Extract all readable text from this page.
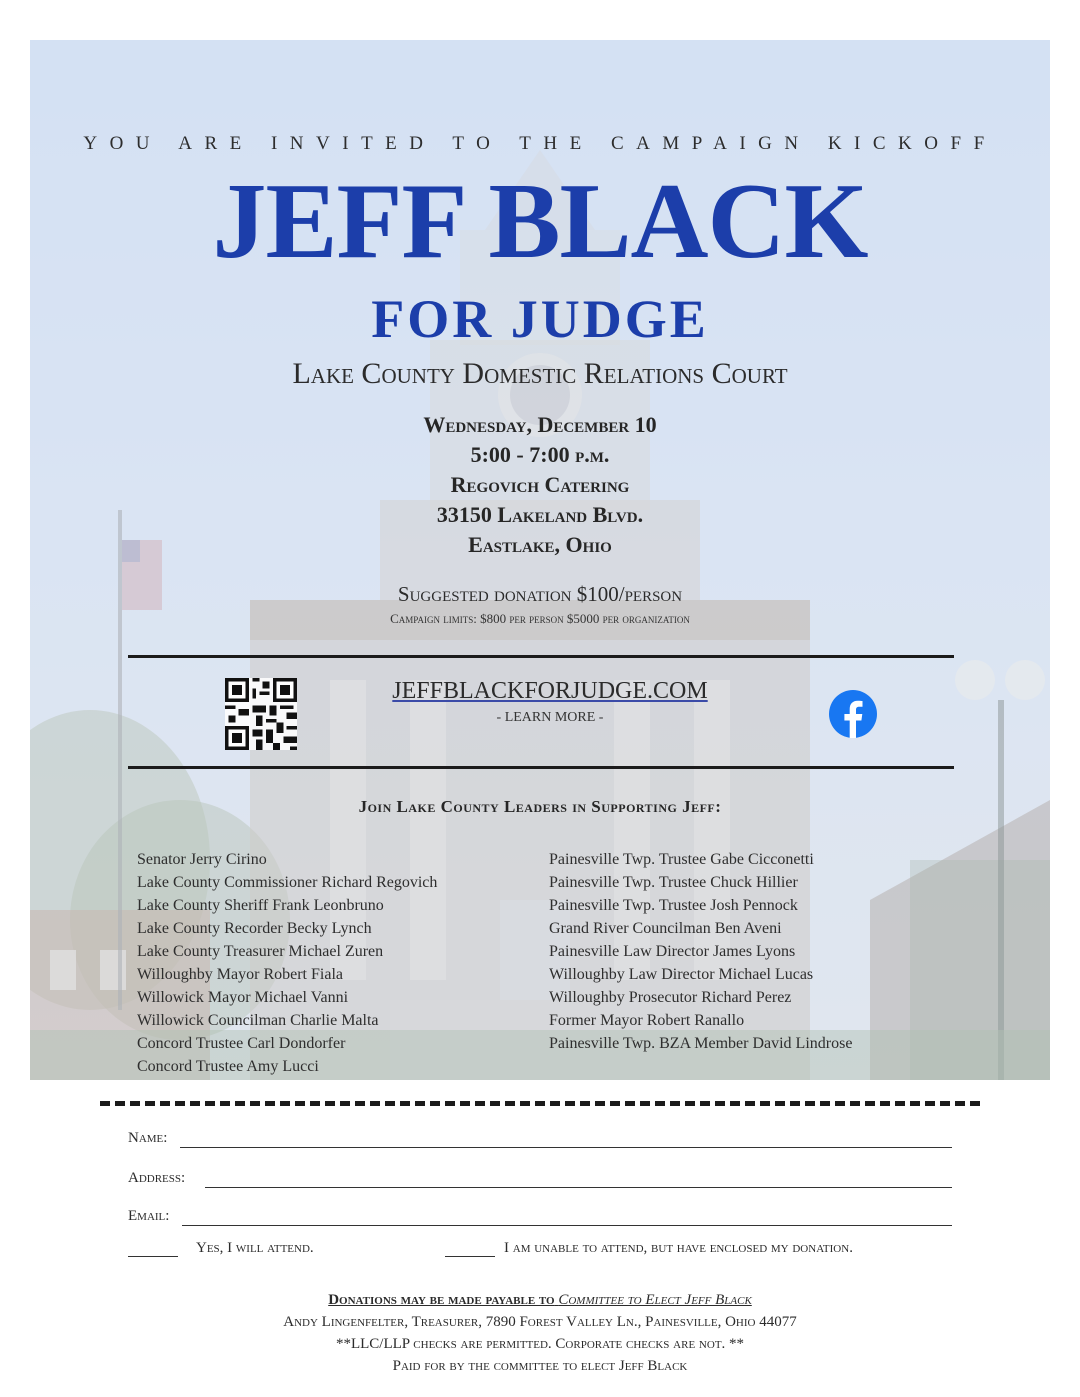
YOU ARE INVITED TO THE CAMPAIGN KICKOFF
JEFF BLACK
FOR JUDGE
Lake County Domestic Relations Court
Wednesday, December 10
5:00 - 7:00 p.m.
Regovich Catering
33150 Lakeland Blvd.
Eastlake, Ohio
Suggested donation $100/person
Campaign limits: $800 per person $5000 per organization
JEFFBLACKFORJUDGE.COM
- LEARN MORE -
Join Lake County Leaders in Supporting Jeff:
Senator Jerry Cirino
Lake County Commissioner Richard Regovich
Lake County Sheriff Frank Leonbruno
Lake County Recorder Becky Lynch
Lake County Treasurer Michael Zuren
Willoughby Mayor Robert Fiala
Willowick Mayor Michael Vanni
Willowick Councilman Charlie Malta
Concord Trustee Carl Dondorfer
Concord Trustee Amy Lucci
Painesville Twp. Trustee Gabe Cicconetti
Painesville Twp. Trustee Chuck Hillier
Painesville Twp. Trustee Josh Pennock
Grand River Councilman Ben Aveni
Painesville Law Director James Lyons
Willoughby Law Director Michael Lucas
Willoughby Prosecutor Richard Perez
Former Mayor Robert Ranallo
Painesville Twp. BZA Member David Lindrose
Name:
Address:
Email:
Yes, I will attend.	I am unable to attend, but have enclosed my donation.
Donations may be made payable to Committee to Elect Jeff Black
Andy Lingenfelter, Treasurer, 7890 Forest Valley Ln., Painesville, Ohio 44077
**LLC/LLP checks are permitted. Corporate checks are not. **
Paid for by the committee to elect Jeff Black
